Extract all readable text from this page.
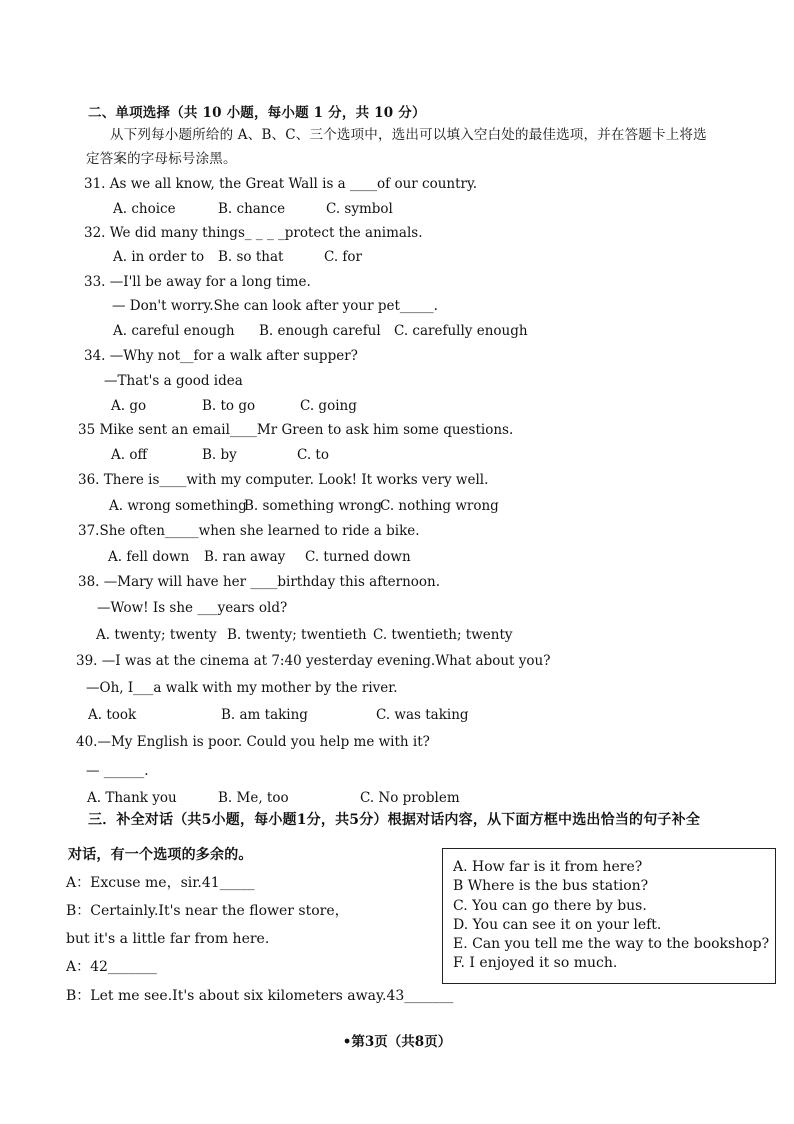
二、单项选择（共 10 小题，每小题 1 分，共 10 分）
从下列每小题所给的 A、B、C、三个选项中，选出可以填入空白处的最佳选项，并在答题卡上将选
定答案的字母标号涂黑。
31. As we all know, the Great Wall is a ____of our country.
A. choice	B. chance	C. symbol
32. We did many things_ _ _ _protect the animals.
A. in order to B. so that	C. for
33. —I'll be away for a long time.
— Don't worry.She can look after your pet_____.
A. careful enough B. enough careful C. carefully enough
34. —Why not__for a walk after supper?
—That's a good idea
A. go	B. to go	C. going
35 Mike sent an email____Mr Green to ask him some questions.
A. off	B. by	C. to
36. There is____with my computer. Look! It works very well.
A. wrong something
B. something wrong
C. nothing wrong
37.She often_____when she learned to ride a bike.
A. fell down B. ran away C. turned down
38. —Mary will have her ____birthday this afternoon.
—Wow! Is she ___years old?
A. twenty; twenty B. twenty; twentieth C. twentieth; twenty
39. —I was at the cinema at 7:40 yesterday evening.What about you?
—Oh, I___a walk with my mother by the river.
A. took	B. am taking	C. was taking
40.—My English is poor. Could you help me with it?
— ______.
A. Thank you	B. Me, too	C. No problem
三．补全对话（共5小题，每小题1分，共5分）根据对话内容，从下面方框中选出恰当的句子补全
对话，有一个选项的多余的。
A：Excuse me，sir.41_____
B：Certainly.It's near the flower store，
but it's a little far from here.
A：42_______
B：Let me see.It's about six kilometers away.43_______
A. How far is it from here?
B Where is the bus station?
C. You can go there by bus.
D. You can see it on your left.
E. Can you tell me the way to the bookshop?
F. I enjoyed it so much.
•第3页（共8页）
